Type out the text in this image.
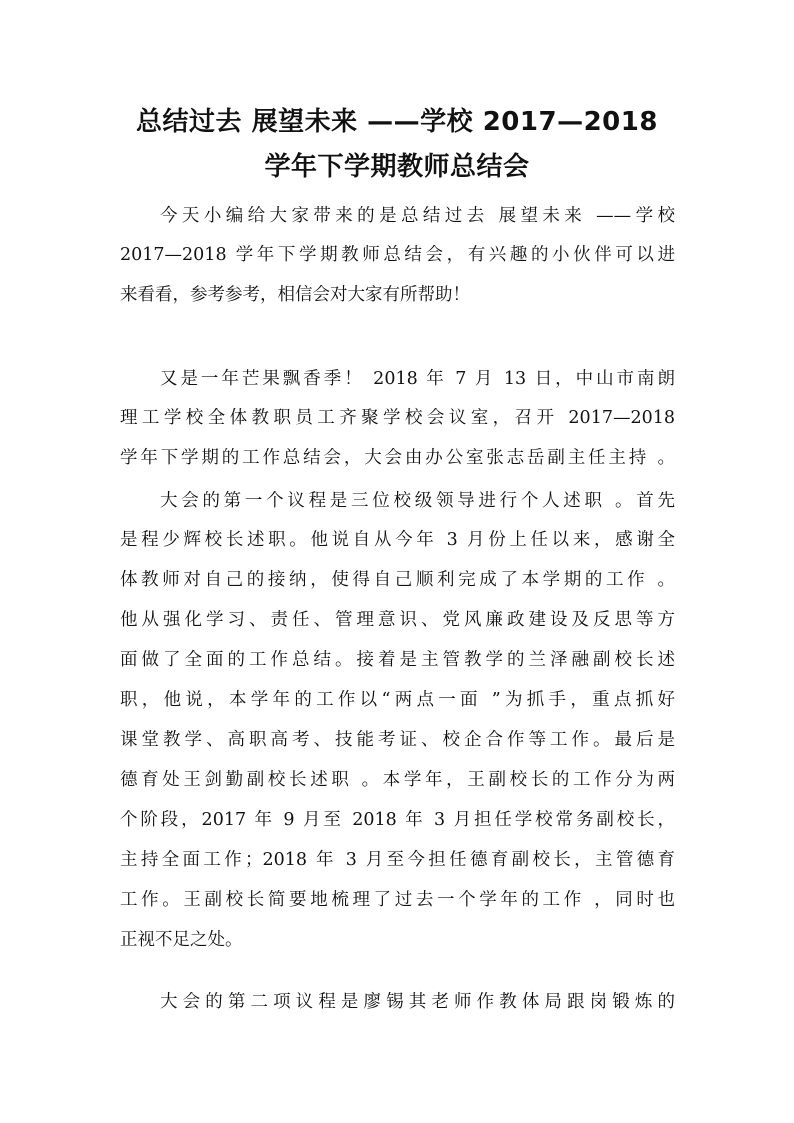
总结过去 展望未来 ——学校 2017—2018
学年下学期教师总结会
今天小编给大家带来的是总结过去 展望未来 ——学校
2017—2018 学年下学期教师总结会，有兴趣的小伙伴可以进
来看看，参考参考，相信会对大家有所帮助！
又是一年芒果飘香季！ 2018 年 7 月 13 日，中山市南朗
理工学校全体教职员工齐聚学校会议室，召开 2017—2018
学年下学期的工作总结会，大会由办公室张志岳副主任主持 。
大会的第一个议程是三位校级领导进行个人述职 。首先
是程少辉校长述职。他说自从今年 3 月份上任以来，感谢全
体教师对自己的接纳，使得自己顺利完成了本学期的工作 。
他从强化学习、责任、管理意识、党风廉政建设及反思等方
面做了全面的工作总结。接着是主管教学的兰泽融副校长述
职，他说，本学年的工作以“两点一面 ”为抓手，重点抓好
课堂教学、高职高考、技能考证、校企合作等工作。最后是
德育处王剑勤副校长述职 。本学年，王副校长的工作分为两
个阶段，2017 年 9 月至 2018 年 3 月担任学校常务副校长，
主持全面工作；2018 年 3 月至今担任德育副校长，主管德育
工作。王副校长简要地梳理了过去一个学年的工作 ，同时也
正视不足之处。
大会的第二项议程是廖锡其老师作教体局跟岗锻炼的
